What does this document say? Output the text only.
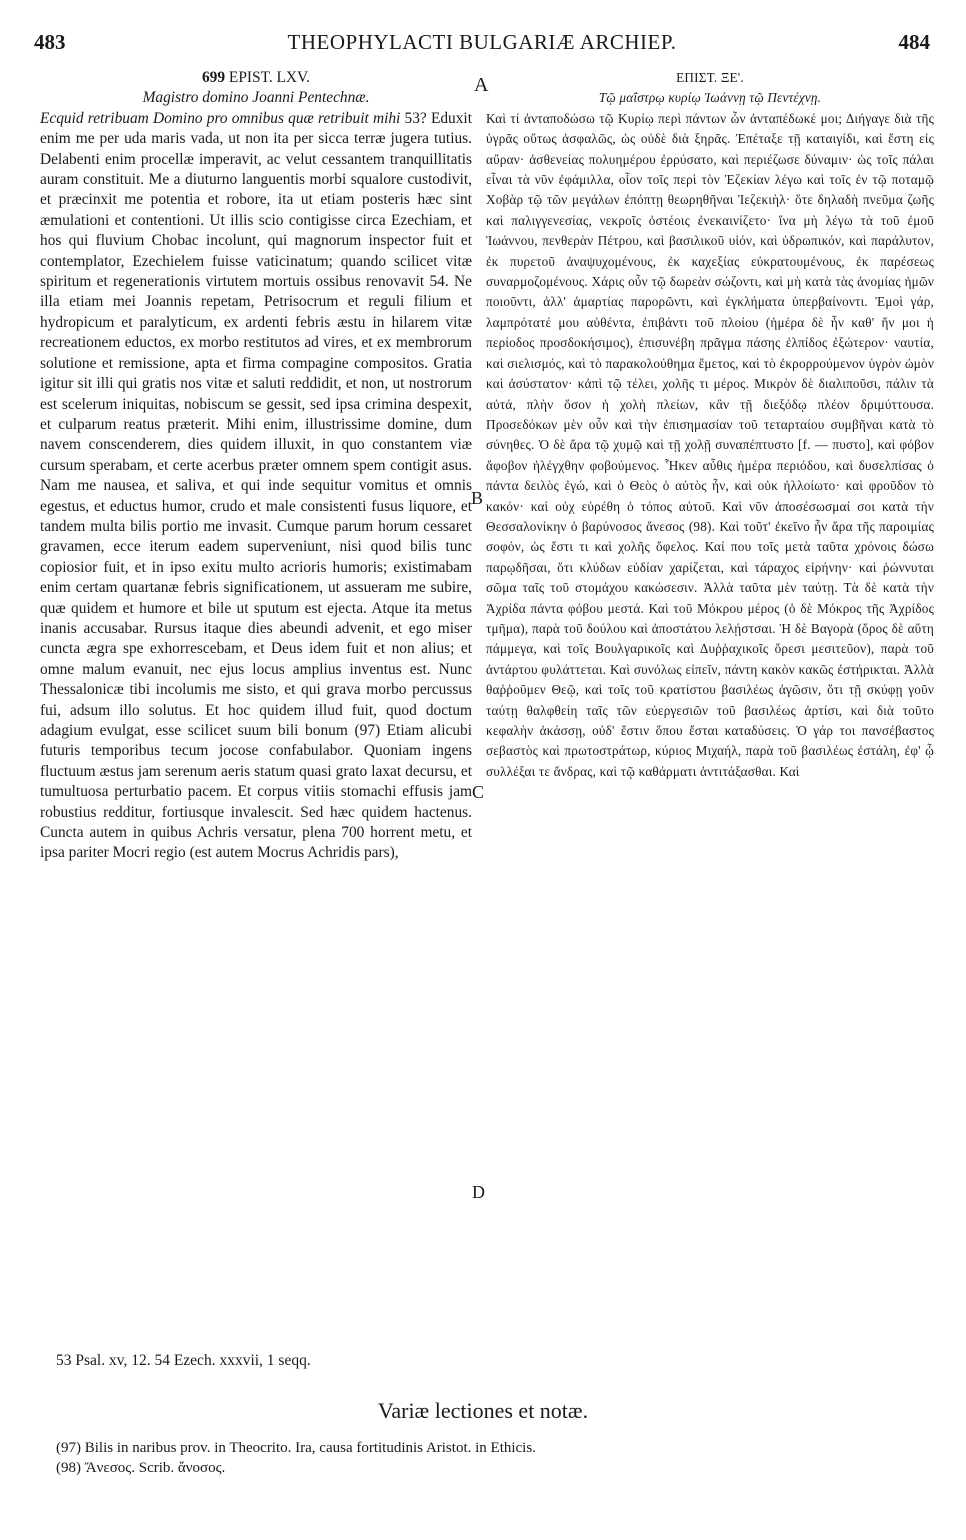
483	THEOPHYLACTI BULGARIÆ ARCHIEP.	484
A
B
C
D

699 EPIST. LXV.

Magistro domino Joanni Pentechnæ.

Ecquid retribuam Domino pro omnibus quæ retribuit mihi 53? Eduxit enim me per uda maris vada, ut non ita per sicca terræ jugera tutius. Delabenti enim procellæ imperavit, ac velut cessantem tranquillitatis auram constituit. Me a diuturno languentis morbi squalore custodivit, et præcinxit me potentia et robore, ita ut etiam posteris hæc sint æmulationi et contentioni. Ut illis scio contigisse circa Ezechiam, et hos qui fluvium Chobac incolunt, qui magnorum inspector fuit et contemplator, Ezechielem fuisse vaticinatum; quando scilicet vitæ spiritum et regenerationis virtutem mortuis ossibus renovavit 54. Ne illa etiam mei Joannis repetam, Petrisocrum et reguli filium et hydropicum et paralyticum, ex ardenti febris æstu in hilarem vitæ recreationem eductos, ex morbo restitutos ad vires, et ex membrorum solutione et remissione, apta et firma compagine compositos. Gratia igitur sit illi qui gratis nos vitæ et saluti reddidit, et non, ut nostrorum est scelerum iniquitas, nobiscum se gessit, sed ipsa crimina despexit, et culparum reatus præterit. Mihi enim, illustrissime domine, dum navem conscenderem, dies quidem illuxit, in quo constantem viæ cursum sperabam, et certe acerbus præter omnem spem contigit asus. Nam me nausea, et saliva, et qui inde sequitur vomitus et omnis egestus, et eductus humor, crudo et male consistenti fusus liquore, et tandem multa bilis portio me invasit. Cumque parum horum cessaret gravamen, ecce iterum eadem superveniunt, nisi quod bilis tunc copiosior fuit, et in ipso exitu multo acrioris humoris; existimabam enim certam quartanæ febris significationem, ut assueram me subire, quæ quidem et humore et bile ut sputum est ejecta. Atque ita metus inanis accusabar. Rursus itaque dies abeundi advenit, et ego miser cuncta ægra spe exhorrescebam, et Deus idem fuit et non alius; et omne malum evanuit, nec ejus locus amplius inventus est. Nunc Thessalonicæ tibi incolumis me sisto, et qui grava morbo percussus fui, adsum illo solutus. Et hoc quidem illud fuit, quod doctum adagium evulgat, esse scilicet suum bili bonum (97) Etiam alicubi futuris temporibus tecum jocose confabulabor. Quoniam ingens fluctuum æstus jam serenum aeris statum quasi grato laxat decursu, et tumultuosa perturbatio pacem. Et corpus vitiis stomachi effusis jam robustius redditur, fortiusque invalescit. Sed hæc quidem hactenus. Cuncta autem in quibus Achris versatur, plena 700 horrent metu, et ipsa pariter Mocri regio (est autem Mocrus Achridis pars),

ΕΠΙΣΤ. ΞΕ'.

Τῷ μαΐστρῳ κυρίῳ Ἰωάννῃ τῷ Πεντέχνῃ.

Καὶ τί ἀνταποδώσω τῷ Κυρίῳ περὶ πάντων ὧν ἀνταπέδωκέ μοι; Διήγαγε διὰ τῆς ὑγρᾶς οὕτως ἀσφαλῶς, ὡς οὐδὲ διὰ ξηρᾶς. Ἐπέταξε τῇ καταιγίδι, καὶ ἔστη εἰς αὔραν· ἀσθενείας πολυημέρου ἐρρύσατο, καὶ περιέζωσε δύναμιν· ὡς τοῖς πάλαι εἶναι τὰ νῦν ἐφάμιλλα, οἷον τοῖς περὶ τὸν Ἐζεκίαν λέγω καὶ τοῖς ἐν τῷ ποταμῷ Χοβὰρ τῷ τῶν μεγάλων ἐπόπτῃ θεωρηθῆναι Ἰεζεκιὴλ· ὅτε δηλαδὴ πνεῦμα ζωῆς καὶ παλιγγενεσίας, νεκροῖς ὀστέοις ἐνεκαινίζετο· ἵνα μὴ λέγω τὰ τοῦ ἐμοῦ Ἰωάννου, πενθερὰν Πέτρου, καὶ βασιλικοῦ υἱόν, καὶ ὑδρωπικόν, καὶ παράλυτον, ἐκ πυρετοῦ ἀναψυχομένους, ἐκ καχεξίας εὐκρατουμένους, ἐκ παρέσεως συναρμοζομένους. Χάρις οὖν τῷ δωρεὰν σώζοντι, καὶ μὴ κατὰ τὰς ἀνομίας ἡμῶν ποιοῦντι, ἀλλ' ἁμαρτίας παρορῶντι, καὶ ἐγκλήματα ὑπερβαίνοντι. Ἐμοὶ γάρ, λαμπρότατέ μου αὐθέντα, ἐπιβάντι τοῦ πλοίου (ἡμέρα δὲ ἦν καθ' ἥν μοι ἡ περίοδος προσδοκήσιμος), ἐπισυνέβη πρᾶγμα πάσης ἐλπίδος ἐξώτερον· ναυτία, καὶ σιελισμός, καὶ τὸ παρακολούθημα ἔμετος, καὶ τὸ ἐκρορρούμενον ὑγρὸν ὠμὸν καὶ ἀσύστατον· κἀπὶ τῷ τέλει, χολῆς τι μέρος. Μικρὸν δὲ διαλιποῦσι, πάλιν τὰ αὐτά, πλὴν ὅσον ἡ χολὴ πλείων, κἂν τῇ διεξόδῳ πλέον δριμύττουσα. Προσεδόκων μὲν οὖν καὶ τὴν ἐπισημασίαν τοῦ τεταρταίου συμβῆναι κατὰ τὸ σύνηθες. Ὁ δὲ ἄρα τῷ χυμῷ καὶ τῇ χολῇ συναπέπτυστο [f. — πυστο], καὶ φόβον ἄφοβον ἠλέγχθην φοβούμενος. Ἧκεν αὖθις ἡμέρα περιόδου, καὶ δυσελπίσας ὁ πάντα δειλὸς ἐγώ, καὶ ὁ Θεὸς ὁ αὐτὸς ἦν, καὶ οὐκ ἠλλοίωτο· καὶ φροῦδον τὸ κακόν· καὶ οὐχ εὑρέθη ὁ τόπος αὐτοῦ. Καὶ νῦν ἀποσέσωσμαί σοι κατὰ τὴν Θεσσαλονίκην ὁ βαρύνοσος ἄνεσος (98). Καὶ τοῦτ' ἐκεῖνο ἦν ἄρα τῆς παροιμίας σοφόν, ὡς ἔστι τι καὶ χολῆς ὄφελος. Καί που τοῖς μετὰ ταῦτα χρόνοις δώσω παρῳδῆσαι, ὅτι κλύδων εὐδίαν χαρίζεται, καὶ τάραχος εἰρήνην· καὶ ῥώννυται σῶμα ταῖς τοῦ στομάχου κακώσεσιν. Ἀλλὰ ταῦτα μὲν ταύτῃ. Τὰ δὲ κατὰ τὴν Ἀχρίδα πάντα φόβου μεστά. Καὶ τοῦ Μόκρου μέρος (ὁ δὲ Μόκρος τῆς Ἀχρίδος τμῆμα), παρὰ τοῦ δούλου καὶ ἀποστάτου λελῄστσαι. Ἡ δὲ Βαγορὰ (ὄρος δὲ αὕτη πάμμεγα, καὶ τοῖς Βουλγαρικοῖς καὶ Δυῤῥαχικοῖς ὄρεσι μεσιτεῦον), παρὰ τοῦ ἀντάρτου φυλάττεται. Καὶ συνόλως εἰπεῖν, πάντη κακὸν κακῶς ἐστήρικται. Ἀλλὰ θαῤῥοῦμεν Θεῷ, καὶ τοῖς τοῦ κρατίστου βασιλέως ἀγῶσιν, ὅτι τῇ σκύφῃ γοῦν ταύτῃ θαλφθείη ταῖς τῶν εὐεργεσιῶν τοῦ βασιλέως ἀρτίσι, καὶ διὰ τοῦτο κεφαλὴν ἀκάσσῃ, οὐδ' ἔστιν ὅπου ἔσται καταδύσεις. Ὁ γάρ τοι πανσέβαστος σεβαστὸς καὶ πρωτοστράτωρ, κύριος Μιχαήλ, παρὰ τοῦ βασιλέως ἐστάλη, ἐφ' ᾧ συλλέξαι τε ἄνδρας, καὶ τῷ καθάρματι ἀντιτάξασθαι. Καὶ

53 Psal. xv, 12. 54 Ezech. xxxvii, 1 seqq.
Variæ lectiones et notæ.

(97) Bilis in naribus prov. in Theocrito. Ira, causa fortitudinis Aristot. in Ethicis.

(98) Ἄνεσος. Scrib. ἄνοσος.
